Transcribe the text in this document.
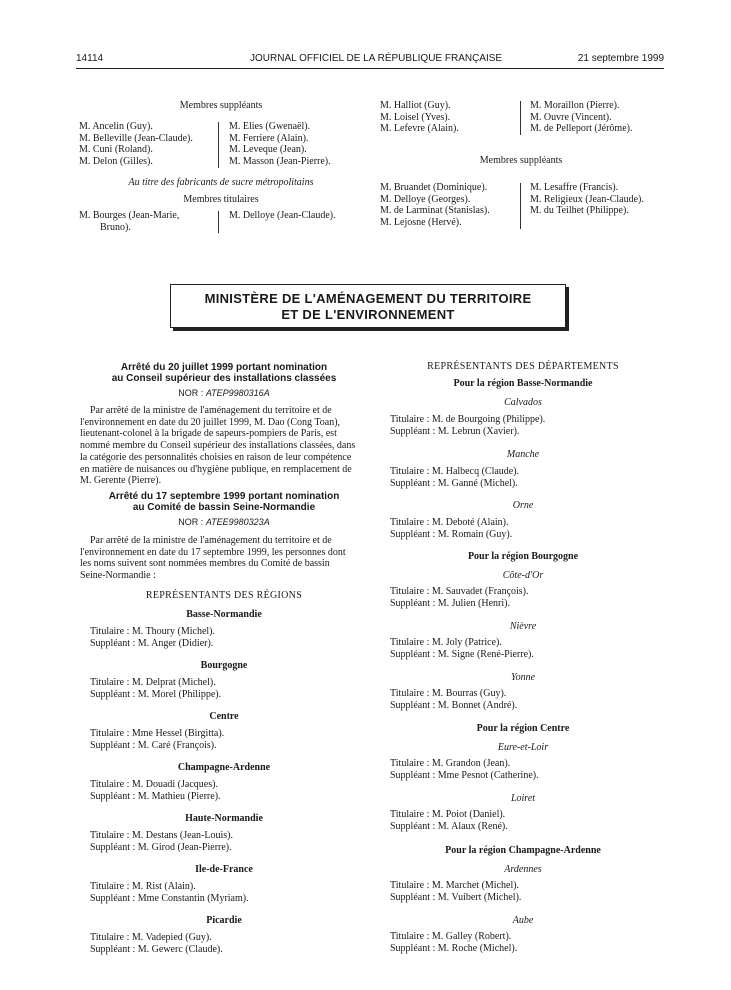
14114	JOURNAL OFFICIEL DE LA RÉPUBLIQUE FRANÇAISE	21 septembre 1999
Membres suppléants
M. Ancelin (Guy).
M. Belleville (Jean-Claude).
M. Cuni (Roland).
M. Delon (Gilles).
M. Elies (Gwenaël).
M. Ferriere (Alain).
M. Leveque (Jean).
M. Masson (Jean-Pierre).
Au titre des fabricants de sucre métropolitains
Membres titulaires
M. Bourges (Jean-Marie,
Bruno).
M. Delloye (Jean-Claude).
M. Halliot (Guy).
M. Loisel (Yves).
M. Lefevre (Alain).
M. Moraillon (Pierre).
M. Ouvre (Vincent).
M. de Pelleport (Jérôme).
Membres suppléants
M. Bruandet (Dominique).
M. Delloye (Georges).
M. de Larminat (Stanislas).
M. Lejosne (Hervé).
M. Lesaffre (Francis).
M. Religieux (Jean-Claude).
M. du Teilhet (Philippe).
MINISTÈRE DE L'AMÉNAGEMENT DU TERRITOIRE
ET DE L'ENVIRONNEMENT
Arrêté du 20 juillet 1999 portant nomination
au Conseil supérieur des installations classées
NOR : ATEP9980316A
Par arrêté de la ministre de l'aménagement du territoire et de
l'environnement en date du 20 juillet 1999, M. Dao (Cong Toan),
lieutenant-colonel à la brigade de sapeurs-pompiers de Paris, est
nommé membre du Conseil supérieur des installations classées, dans
la catégorie des personnalités choisies en raison de leur compétence
en matière de nuisances ou d'hygiène publique, en remplacement de
M. Gerente (Pierre).
Arrêté du 17 septembre 1999 portant nomination
au Comité de bassin Seine-Normandie
NOR : ATEE9980323A
Par arrêté de la ministre de l'aménagement du territoire et de
l'environnement en date du 17 septembre 1999, les personnes dont
les noms suivent sont nommées membres du Comité de bassin
Seine-Normandie :
REPRÉSENTANTS DES RÉGIONS
Basse-Normandie
Titulaire : M. Thoury (Michel).
Suppléant : M. Anger (Didier).
Bourgogne
Titulaire : M. Delprat (Michel).
Suppléant : M. Morel (Philippe).
Centre
Titulaire : Mme Hessel (Birgitta).
Suppléant : M. Caré (François).
Champagne-Ardenne
Titulaire : M. Douadi (Jacques).
Suppléant : M. Mathieu (Pierre).
Haute-Normandie
Titulaire : M. Destans (Jean-Louis).
Suppléant : M. Girod (Jean-Pierre).
Ile-de-France
Titulaire : M. Rist (Alain).
Suppléant : Mme Constantin (Myriam).
Picardie
Titulaire : M. Vadepied (Guy).
Suppléant : M. Gewerc (Claude).
REPRÉSENTANTS DES DÉPARTEMENTS
Pour la région Basse-Normandie
Calvados
Titulaire : M. de Bourgoing (Philippe).
Suppléant : M. Lebrun (Xavier).
Manche
Titulaire : M. Halbecq (Claude).
Suppléant : M. Ganné (Michel).
Orne
Titulaire : M. Deboté (Alain).
Suppléant : M. Romain (Guy).
Pour la région Bourgogne
Côte-d'Or
Titulaire : M. Sauvadet (François).
Suppléant : M. Julien (Henri).
Nièvre
Titulaire : M. Joly (Patrice).
Suppléant : M. Signe (René-Pierre).
Yonne
Titulaire : M. Bourras (Guy).
Suppléant : M. Bonnet (André).
Pour la région Centre
Eure-et-Loir
Titulaire : M. Grandon (Jean).
Suppléant : Mme Pesnot (Catherine).
Loiret
Titulaire : M. Poiot (Daniel).
Suppléant : M. Alaux (René).
Pour la région Champagne-Ardenne
Ardennes
Titulaire : M. Marchet (Michel).
Suppléant : M. Vuibert (Michel).
Aube
Titulaire : M. Galley (Robert).
Suppléant : M. Roche (Michel).
